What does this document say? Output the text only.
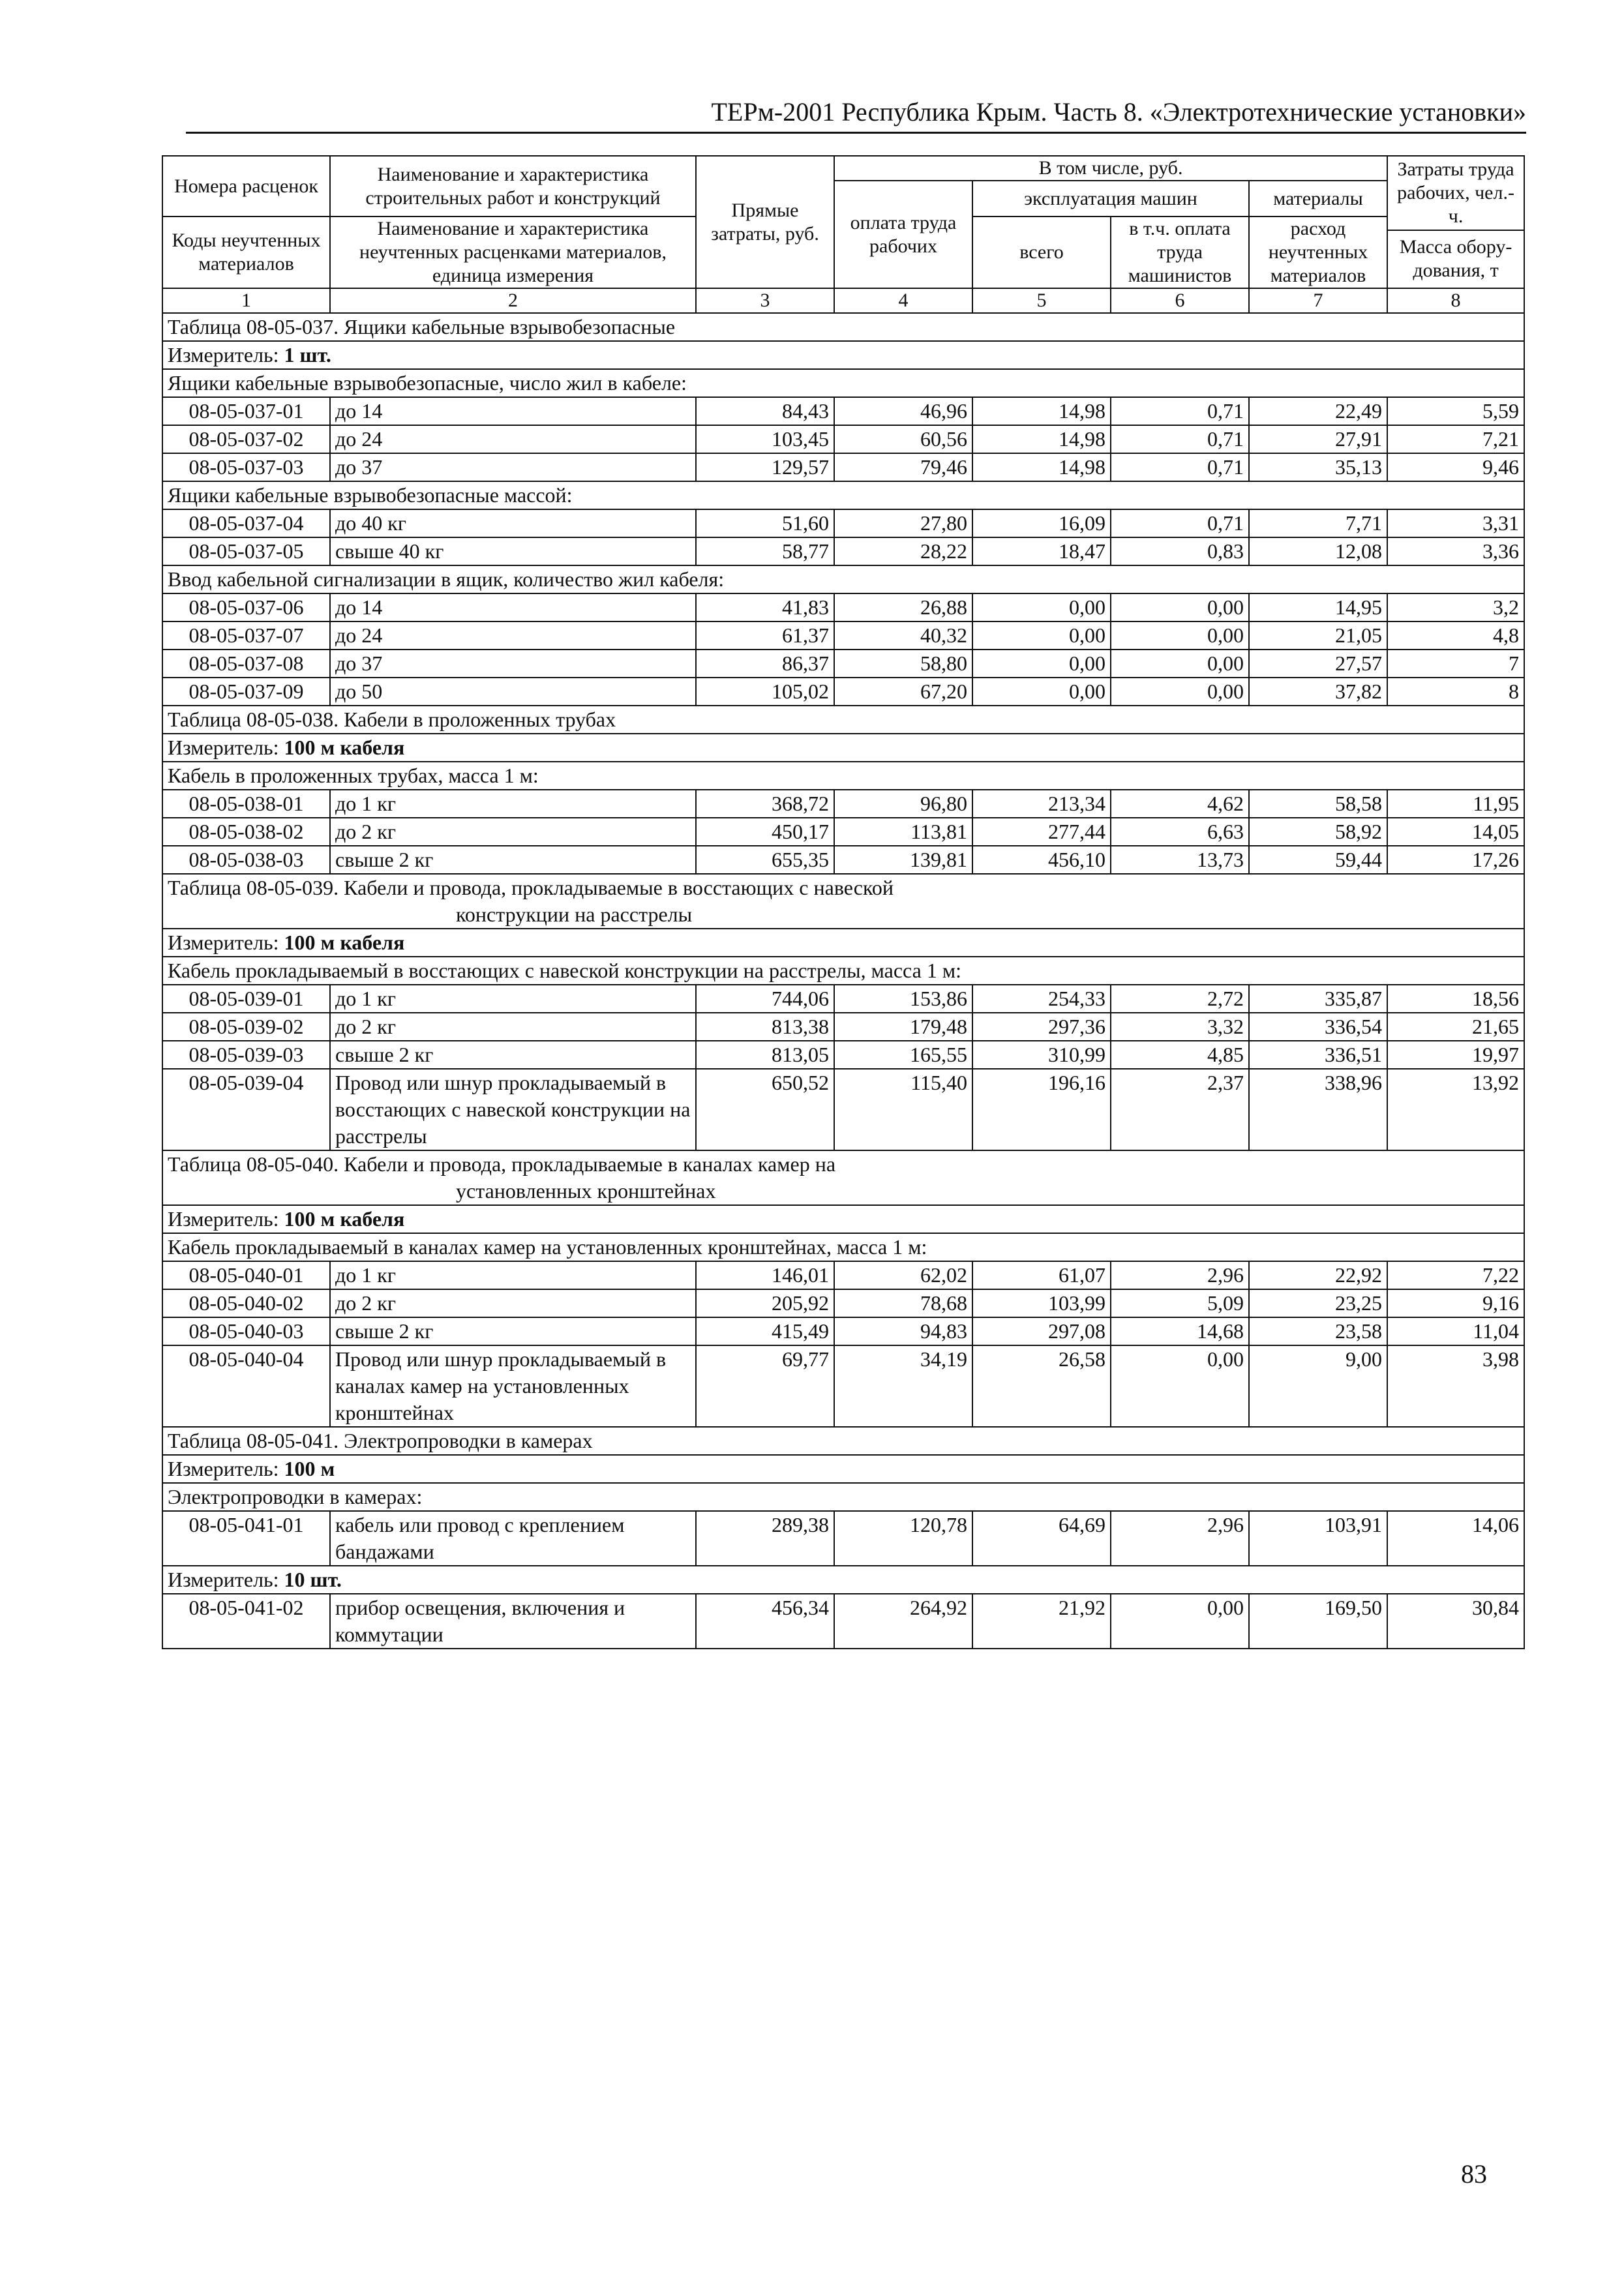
ТЕРм-2001 Республика Крым. Часть 8. «Электротехнические установки»
Номера расценок	Наименование и характеристика строительных работ и конструкций	Прямые затраты, руб.	В том числе, руб.				Затраты труда рабочих, чел.-ч.
			оплата труда рабочих	эксплуатация машин		материалы	
Коды неучтенных материалов	Наименование и характеристика неучтенных расценками материалов, единица измерения			всего	в т.ч. оплата труда машинистов	расход неучтенных материалов	
							Масса обору-дования, т
1	2	3	4	5	6	7	8
Таблица 08-05-037. Ящики кабельные взрывобезопасные							
Измеритель: 1 шт.							
Ящики кабельные взрывобезопасные, число жил в кабеле:							
08-05-037-01	до 14	84,43	46,96	14,98	0,71	22,49	5,59
08-05-037-02	до 24	103,45	60,56	14,98	0,71	27,91	7,21
08-05-037-03	до 37	129,57	79,46	14,98	0,71	35,13	9,46
Ящики кабельные взрывобезопасные массой:							
08-05-037-04	до 40 кг	51,60	27,80	16,09	0,71	7,71	3,31
08-05-037-05	свыше 40 кг	58,77	28,22	18,47	0,83	12,08	3,36
Ввод кабельной сигнализации в ящик, количество жил кабеля:							
08-05-037-06	до 14	41,83	26,88	0,00	0,00	14,95	3,2
08-05-037-07	до 24	61,37	40,32	0,00	0,00	21,05	4,8
08-05-037-08	до 37	86,37	58,80	0,00	0,00	27,57	7
08-05-037-09	до 50	105,02	67,20	0,00	0,00	37,82	8
Таблица 08-05-038. Кабели в проложенных трубах							
Измеритель: 100 м кабеля							
Кабель в проложенных трубах, масса 1 м:							
08-05-038-01	до 1 кг	368,72	96,80	213,34	4,62	58,58	11,95
08-05-038-02	до 2 кг	450,17	113,81	277,44	6,63	58,92	14,05
08-05-038-03	свыше 2 кг	655,35	139,81	456,10	13,73	59,44	17,26
Таблица 08-05-039. Кабели и провода, прокладываемые в восстающих с навеской
конструкции на расстрелы							

Измеритель: 100 м кабеля							
Кабель прокладываемый в восстающих с навеской конструкции на расстрелы, масса 1 м:							
08-05-039-01	до 1 кг	744,06	153,86	254,33	2,72	335,87	18,56
08-05-039-02	до 2 кг	813,38	179,48	297,36	3,32	336,54	21,65
08-05-039-03	свыше 2 кг	813,05	165,55	310,99	4,85	336,51	19,97
08-05-039-04	Провод или шнур прокладываемый в восстающих с навеской конструкции на расстрелы	650,52	115,40	196,16	2,37	338,96	13,92
Таблица 08-05-040. Кабели и провода, прокладываемые в каналах камер на
установленных кронштейнах							

Измеритель: 100 м кабеля							
Кабель прокладываемый в каналах камер на установленных кронштейнах, масса 1 м:							
08-05-040-01	до 1 кг	146,01	62,02	61,07	2,96	22,92	7,22
08-05-040-02	до 2 кг	205,92	78,68	103,99	5,09	23,25	9,16
08-05-040-03	свыше 2 кг	415,49	94,83	297,08	14,68	23,58	11,04
08-05-040-04	Провод или шнур прокладываемый в каналах камер на установленных кронштейнах	69,77	34,19	26,58	0,00	9,00	3,98
Таблица 08-05-041. Электропроводки в камерах							
Измеритель: 100 м							
Электропроводки в камерах:							
08-05-041-01	кабель или провод с креплением бандажами	289,38	120,78	64,69	2,96	103,91	14,06
Измеритель: 10 шт.							
08-05-041-02	прибор освещения, включения и коммутации	456,34	264,92	21,92	0,00	169,50	30,84
83
